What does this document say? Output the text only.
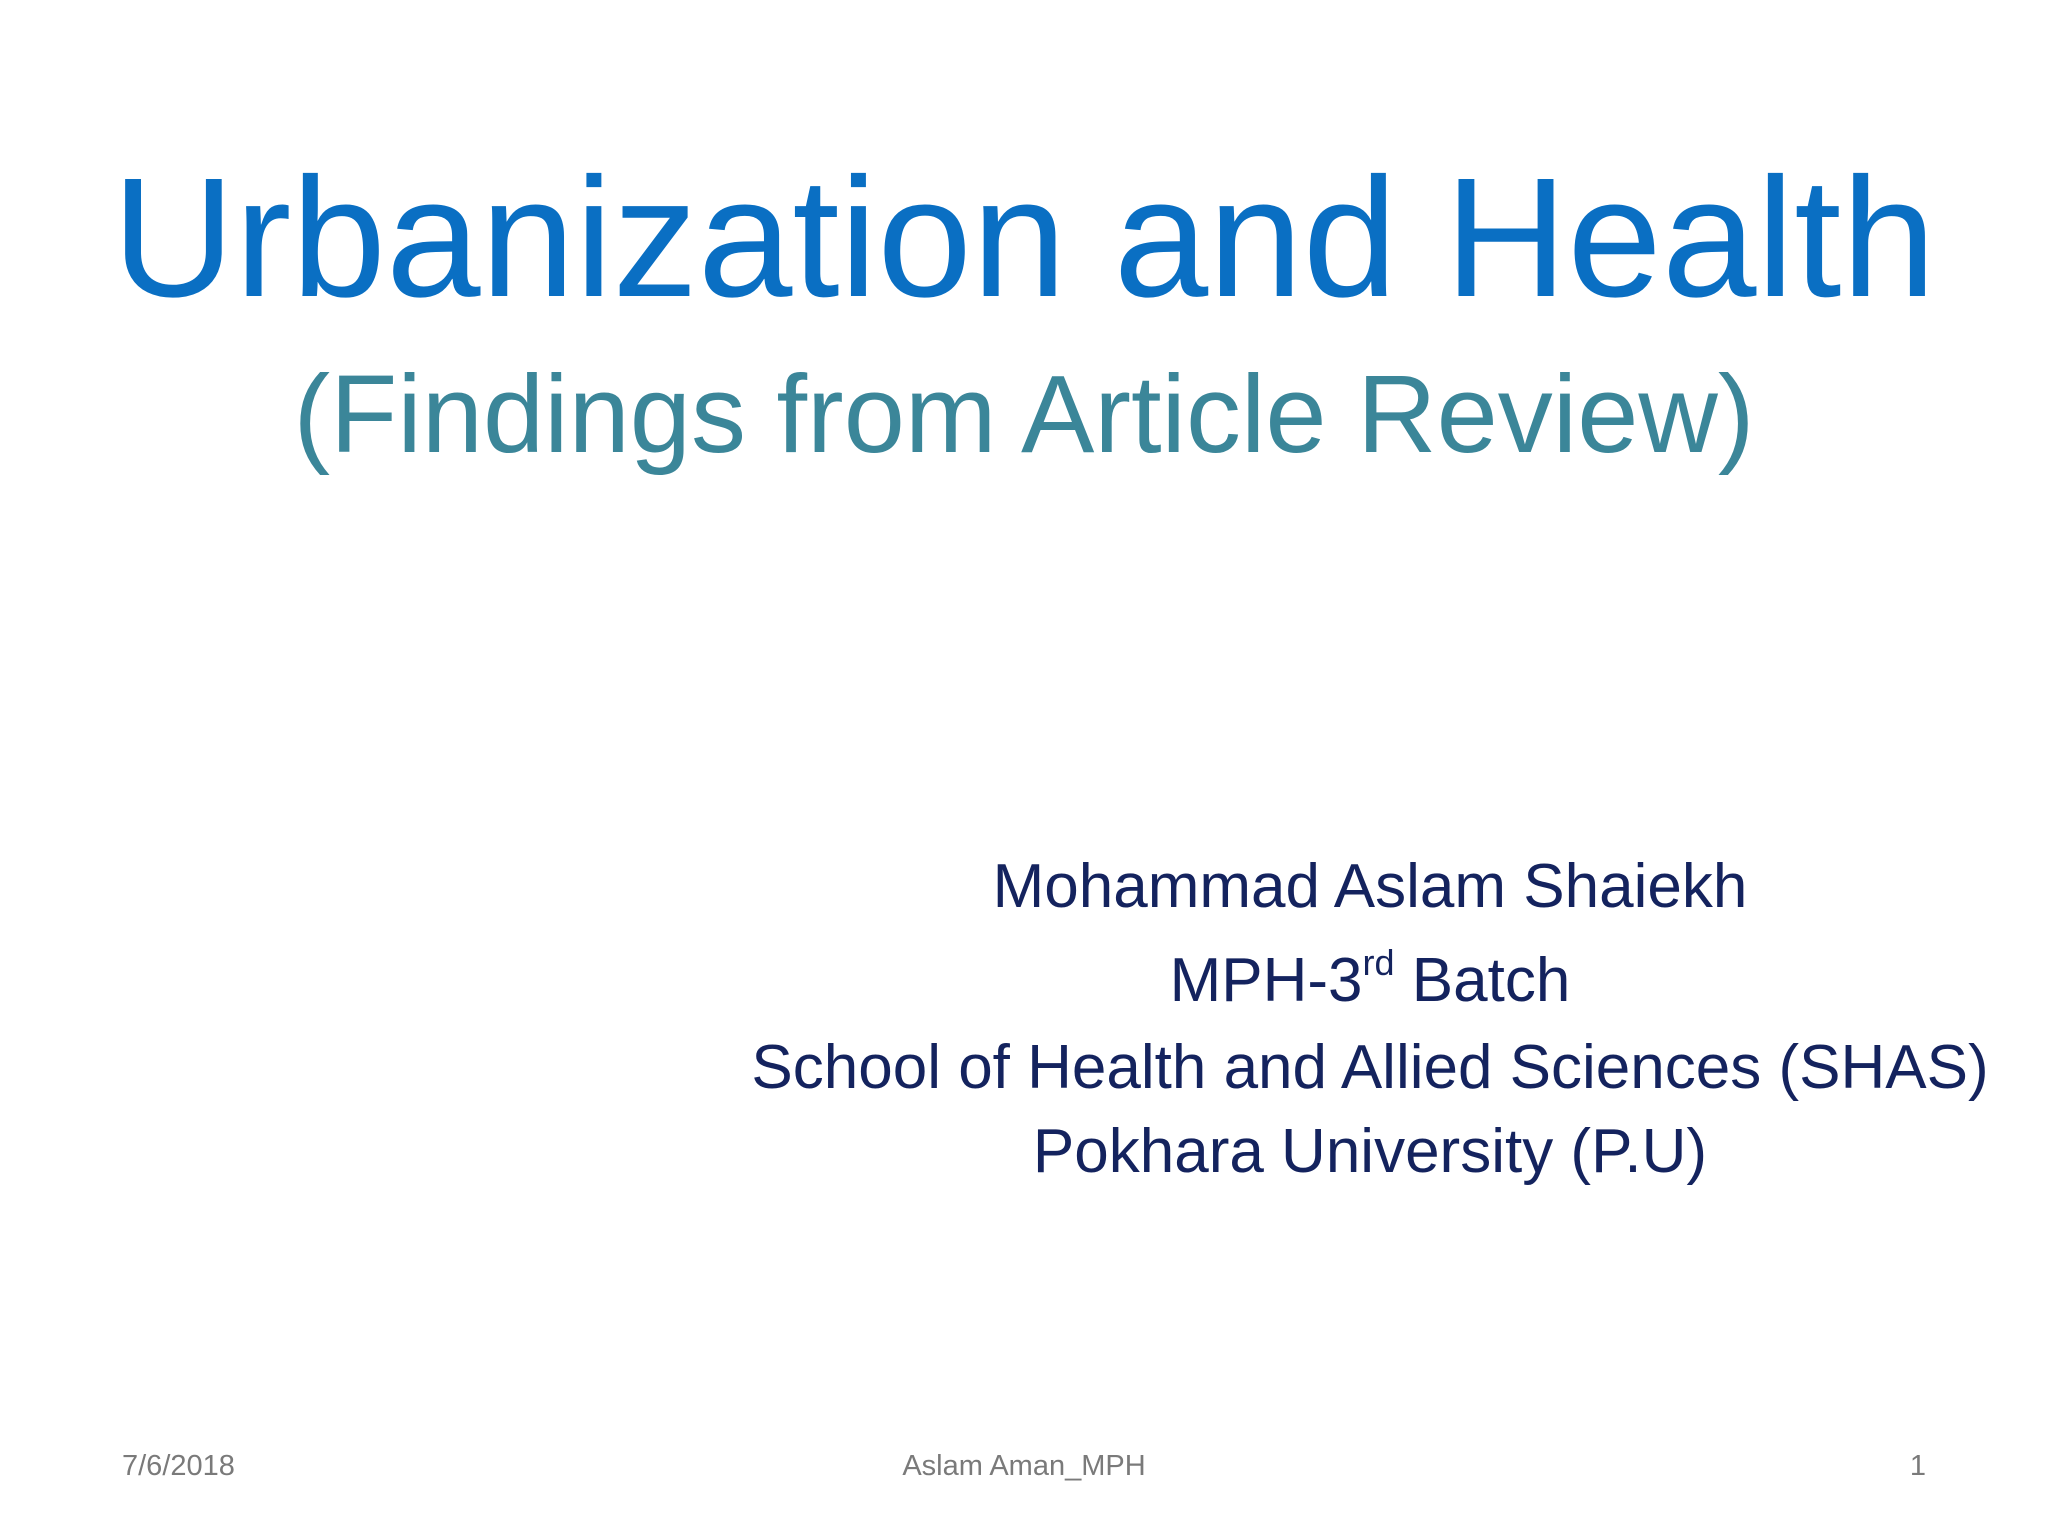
Urbanization and Health
(Findings from Article Review)
Mohammad Aslam Shaiekh
MPH-3rd Batch
School of Health and Allied Sciences (SHAS)
Pokhara University (P.U)
7/6/2018	Aslam Aman_MPH	1
